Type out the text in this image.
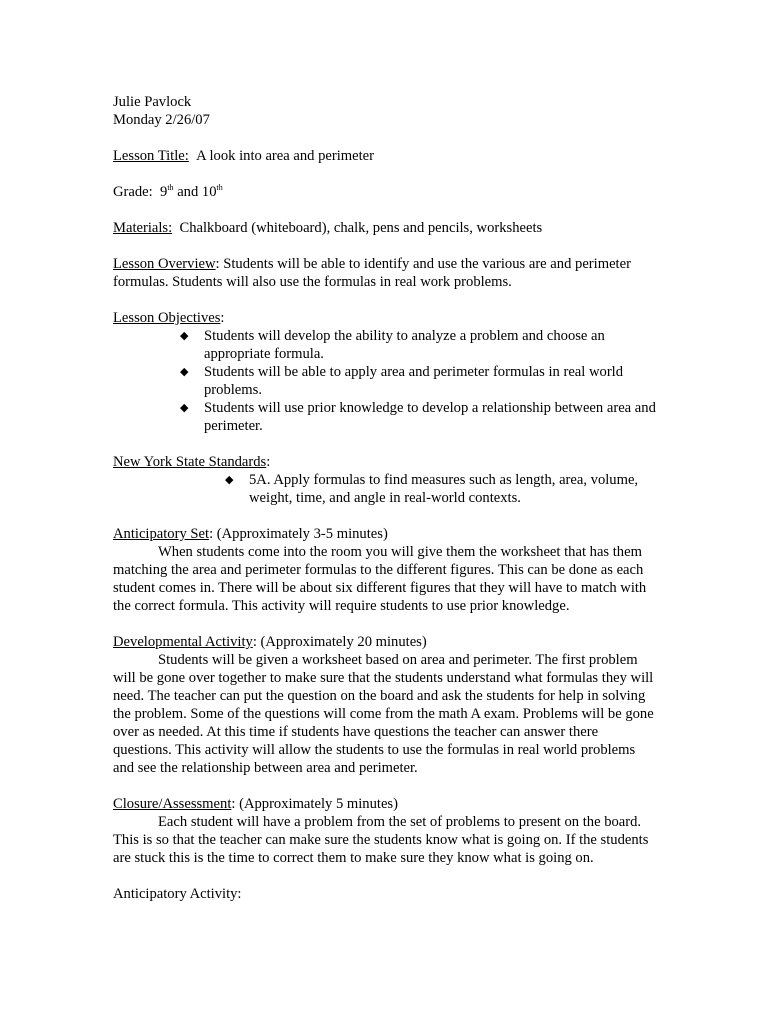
Julie Pavlock

Monday 2/26/07

Lesson Title: A look into area and perimeter

Grade: 9th and 10th

Materials: Chalkboard (whiteboard), chalk, pens and pencils, worksheets

Lesson Overview: Students will be able to identify and use the various are and perimeter formulas. Students will also use the formulas in real work problems.

Lesson Objectives:

◆ Students will develop the ability to analyze a problem and choose an appropriate formula.
◆ Students will be able to apply area and perimeter formulas in real world problems.
◆ Students will use prior knowledge to develop a relationship between area and perimeter.

New York State Standards:

◆ 5A. Apply formulas to find measures such as length, area, volume, weight, time, and angle in real-world contexts.

Anticipatory Set: (Approximately 3-5 minutes)

When students come into the room you will give them the worksheet that has them matching the area and perimeter formulas to the different figures. This can be done as each student comes in. There will be about six different figures that they will have to match with the correct formula. This activity will require students to use prior knowledge.

Developmental Activity: (Approximately 20 minutes)

Students will be given a worksheet based on area and perimeter. The first problem will be gone over together to make sure that the students understand what formulas they will need. The teacher can put the question on the board and ask the students for help in solving the problem. Some of the questions will come from the math A exam. Problems will be gone over as needed. At this time if students have questions the teacher can answer there questions. This activity will allow the students to use the formulas in real world problems and see the relationship between area and perimeter.

Closure/Assessment: (Approximately 5 minutes)

Each student will have a problem from the set of problems to present on the board. This is so that the teacher can make sure the students know what is going on. If the students are stuck this is the time to correct them to make sure they know what is going on.

Anticipatory Activity:
